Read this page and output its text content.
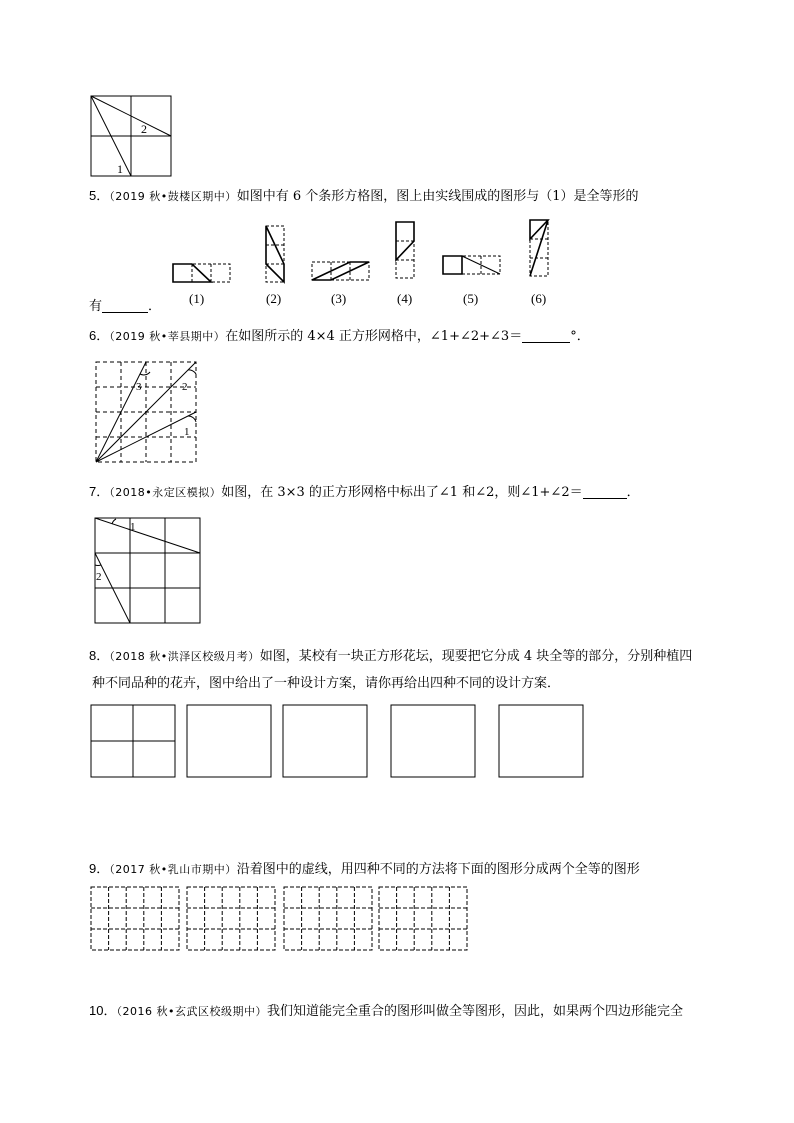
2
1
5．（2019 秋•鼓楼区期中）如图中有 6 个条形方格图，图上由实线围成的图形与（1）是全等形的
(1)	(2)	(3)	(4)	(5)	(6)
有	．
6．（2019 秋•莘县期中）在如图所示的 4×4 正方形网格中，∠1+∠2+∠3＝	°．
3	2
1
7．（2018•永定区模拟）如图，在 3×3 的正方形网格中标出了∠1 和∠2，则∠1+∠2＝	．
1
2
8．（2018 秋•洪泽区校级月考）如图，某校有一块正方形花坛，现要把它分成 4 块全等的部分，分别种植四
种不同品种的花卉，图中给出了一种设计方案，请你再给出四种不同的设计方案．
9．（2017 秋•乳山市期中）沿着图中的虚线，用四种不同的方法将下面的图形分成两个全等的图形
10．（2016 秋•玄武区校级期中）我们知道能完全重合的图形叫做全等图形，因此，如果两个四边形能完全
